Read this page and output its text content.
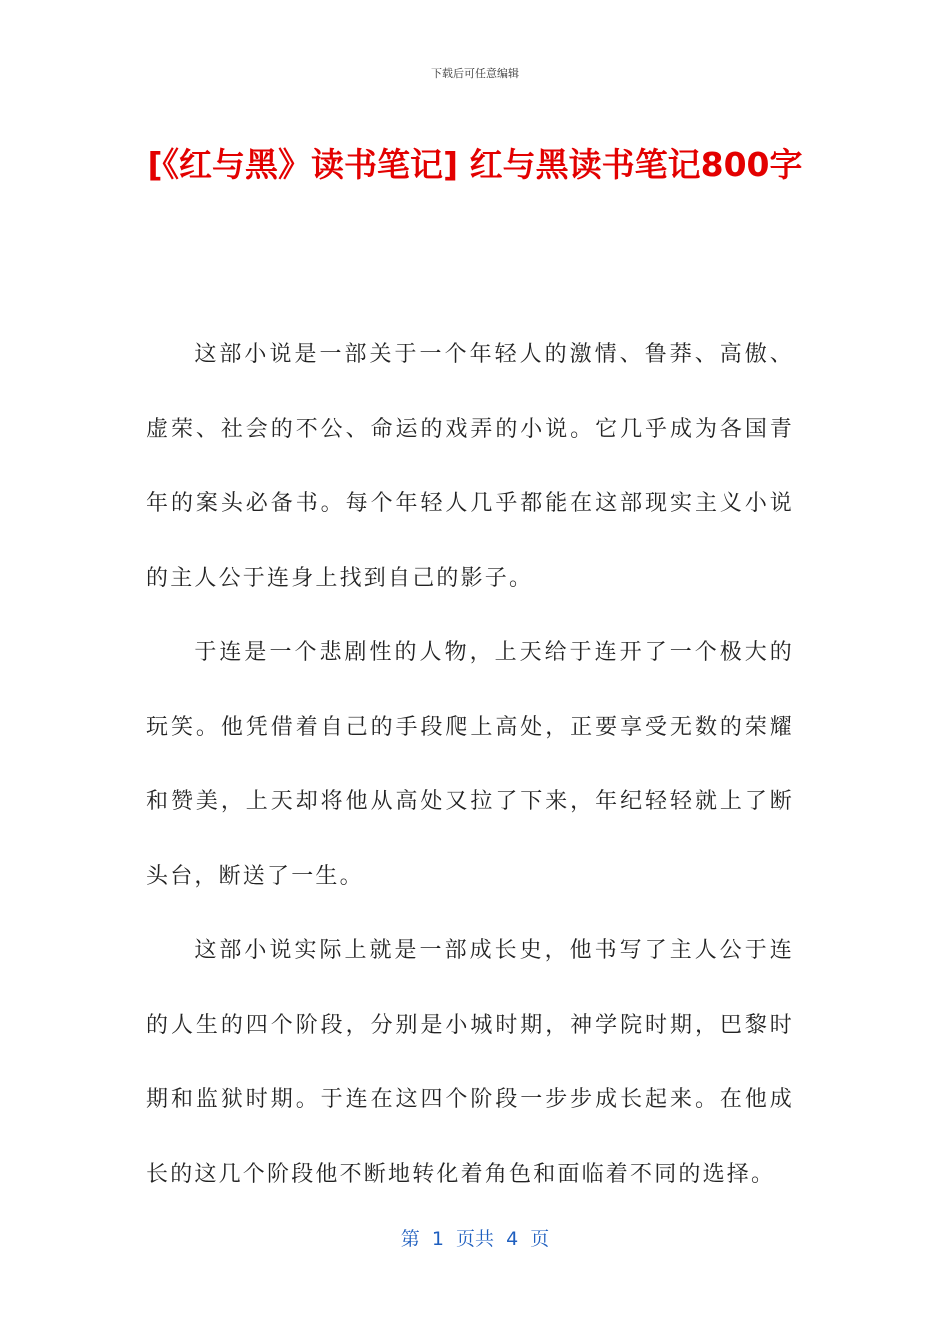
下载后可任意编辑
[《红与黑》读书笔记] 红与黑读书笔记800字

这部小说是一部关于一个年轻人的激情、鲁莽、高傲、虚荣、社会的不公、命运的戏弄的小说。它几乎成为各国青年的案头必备书。每个年轻人几乎都能在这部现实主义小说的主人公于连身上找到自己的影子。

于连是一个悲剧性的人物，上天给于连开了一个极大的玩笑。他凭借着自己的手段爬上高处，正要享受无数的荣耀和赞美，上天却将他从高处又拉了下来，年纪轻轻就上了断头台，断送了一生。

这部小说实际上就是一部成长史，他书写了主人公于连的人生的四个阶段，分别是小城时期，神学院时期，巴黎时期和监狱时期。于连在这四个阶段一步步成长起来。在他成长的这几个阶段他不断地转化着角色和面临着不同的选择。

第  1  页共  4  页
